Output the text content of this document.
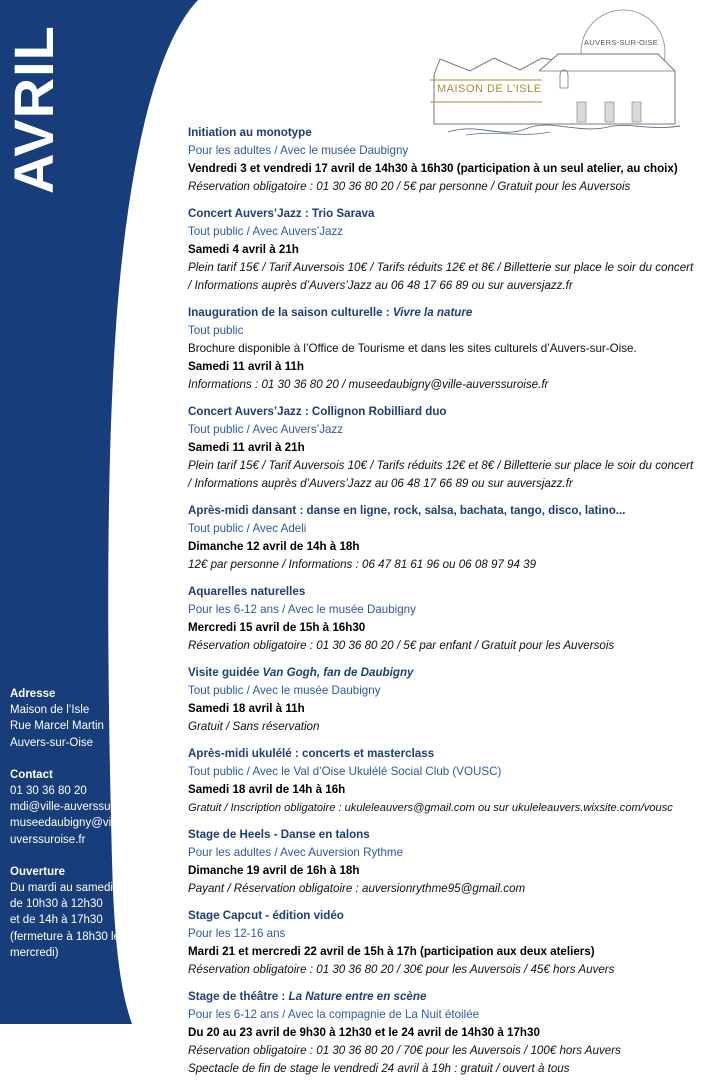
AVRIL
Adresse
Maison de l’Isle
Rue Marcel Martin
Auvers-sur-Oise
Contact
01 30 36 80 20
mdi@ville-auverssuroise.fr
museedaubigny@ville-auverssuroise.fr
Ouverture
Du mardi au samedi :
de 10h30 à 12h30
et de 14h à 17h30
(fermeture à 18h30 le mercredi)
AUVERS-SUR-OISE
MAISON DE L’ISLE
Initiation au monotype
Pour les adultes / Avec le musée Daubigny
Vendredi 3 et vendredi 17 avril de 14h30 à 16h30 (participation à un seul atelier, au choix)
Réservation obligatoire : 01 30 36 80 20 / 5€ par personne / Gratuit pour les Auversois
Concert Auvers’Jazz : Trio Sarava
Tout public / Avec Auvers’Jazz
Samedi 4 avril à 21h
Plein tarif 15€ / Tarif Auversois 10€ / Tarifs réduits 12€ et 8€ / Billetterie sur place le soir du concert / Informations auprès d’Auvers’Jazz au 06 48 17 66 89 ou sur auversjazz.fr
Inauguration de la saison culturelle : Vivre la nature
Tout public
Brochure disponible à l’Office de Tourisme et dans les sites culturels d’Auvers-sur-Oise.
Samedi 11 avril à 11h
Informations : 01 30 36 80 20 / museedaubigny@ville-auverssuroise.fr
Concert Auvers’Jazz : Collignon Robilliard duo
Tout public / Avec Auvers’Jazz
Samedi 11 avril à 21h
Plein tarif 15€ / Tarif Auversois 10€ / Tarifs réduits 12€ et 8€ / Billetterie sur place le soir du concert / Informations auprès d’Auvers’Jazz au 06 48 17 66 89 ou sur auversjazz.fr
Après-midi dansant : danse en ligne, rock, salsa, bachata, tango, disco, latino...
Tout public / Avec Adeli
Dimanche 12 avril de 14h à 18h
12€ par personne / Informations : 06 47 81 61 96 ou 06 08 97 94 39
Aquarelles naturelles
Pour les 6-12 ans / Avec le musée Daubigny
Mercredi 15 avril de 15h à 16h30
Réservation obligatoire : 01 30 36 80 20 / 5€ par enfant / Gratuit pour les Auversois
Visite guidée Van Gogh, fan de Daubigny
Tout public / Avec le musée Daubigny
Samedi 18 avril à 11h
Gratuit / Sans réservation
Après-midi ukulélé : concerts et masterclass
Tout public / Avec le Val d’Oise Ukulélé Social Club (VOUSC)
Samedi 18 avril de 14h à 16h
Gratuit / Inscription obligatoire : ukuleleauvers@gmail.com ou sur ukuleleauvers.wixsite.com/vousc
Stage de Heels - Danse en talons
Pour les adultes / Avec Auversion Rythme
Dimanche 19 avril de 16h à 18h
Payant / Réservation obligatoire : auversionrythme95@gmail.com
Stage Capcut - édition vidéo
Pour les 12-16 ans
Mardi 21 et mercredi 22 avril de 15h à 17h (participation aux deux ateliers)
Réservation obligatoire : 01 30 36 80 20 / 30€ pour les Auversois / 45€ hors Auvers
Stage de théâtre : La Nature entre en scène
Pour les 6-12 ans / Avec la compagnie de La Nuit étoilée
Du 20 au 23 avril de 9h30 à 12h30 et le 24 avril de 14h30 à 17h30
Réservation obligatoire : 01 30 36 80 20 / 70€ pour les Auversois / 100€ hors Auvers
Spectacle de fin de stage le vendredi 24 avril à 19h : gratuit / ouvert à tous
